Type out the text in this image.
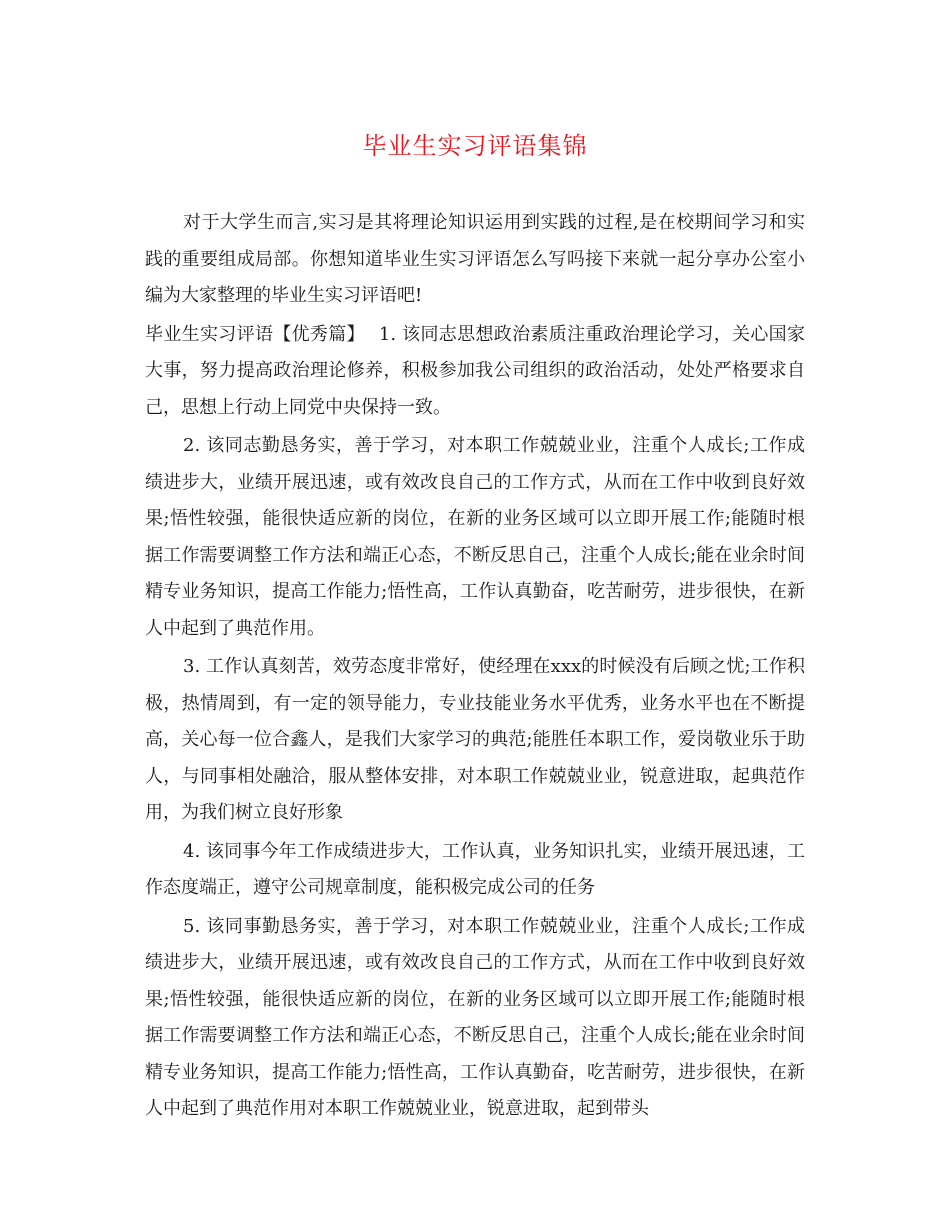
毕业生实习评语集锦

对于大学生而言,实习是其将理论知识运用到实践的过程,是在校期间学习和实践的重要组成局部。你想知道毕业生实习评语怎么写吗接下来就一起分享办公室小编为大家整理的毕业生实习评语吧!

毕业生实习评语【优秀篇】 1. 该同志思想政治素质注重政治理论学习，关心国家大事，努力提高政治理论修养，积极参加我公司组织的政治活动，处处严格要求自己，思想上行动上同党中央保持一致。

2. 该同志勤恳务实，善于学习，对本职工作兢兢业业，注重个人成长;工作成绩进步大，业绩开展迅速，或有效改良自己的工作方式，从而在工作中收到良好效果;悟性较强，能很快适应新的岗位，在新的业务区域可以立即开展工作;能随时根据工作需要调整工作方法和端正心态，不断反思自己，注重个人成长;能在业余时间精专业务知识，提高工作能力;悟性高，工作认真勤奋，吃苦耐劳，进步很快，在新人中起到了典范作用。

3. 工作认真刻苦，效劳态度非常好，使经理在xxx的时候没有后顾之忧;工作积极，热情周到，有一定的领导能力，专业技能业务水平优秀，业务水平也在不断提高，关心每一位合鑫人，是我们大家学习的典范;能胜任本职工作，爱岗敬业乐于助人，与同事相处融洽，服从整体安排，对本职工作兢兢业业，锐意进取，起典范作用，为我们树立良好形象

4. 该同事今年工作成绩进步大，工作认真，业务知识扎实，业绩开展迅速，工作态度端正，遵守公司规章制度，能积极完成公司的任务

5. 该同事勤恳务实，善于学习，对本职工作兢兢业业，注重个人成长;工作成绩进步大，业绩开展迅速，或有效改良自己的工作方式，从而在工作中收到良好效果;悟性较强，能很快适应新的岗位，在新的业务区域可以立即开展工作;能随时根据工作需要调整工作方法和端正心态，不断反思自己，注重个人成长;能在业余时间精专业务知识，提高工作能力;悟性高，工作认真勤奋，吃苦耐劳，进步很快，在新人中起到了典范作用对本职工作兢兢业业，锐意进取，起到带头
